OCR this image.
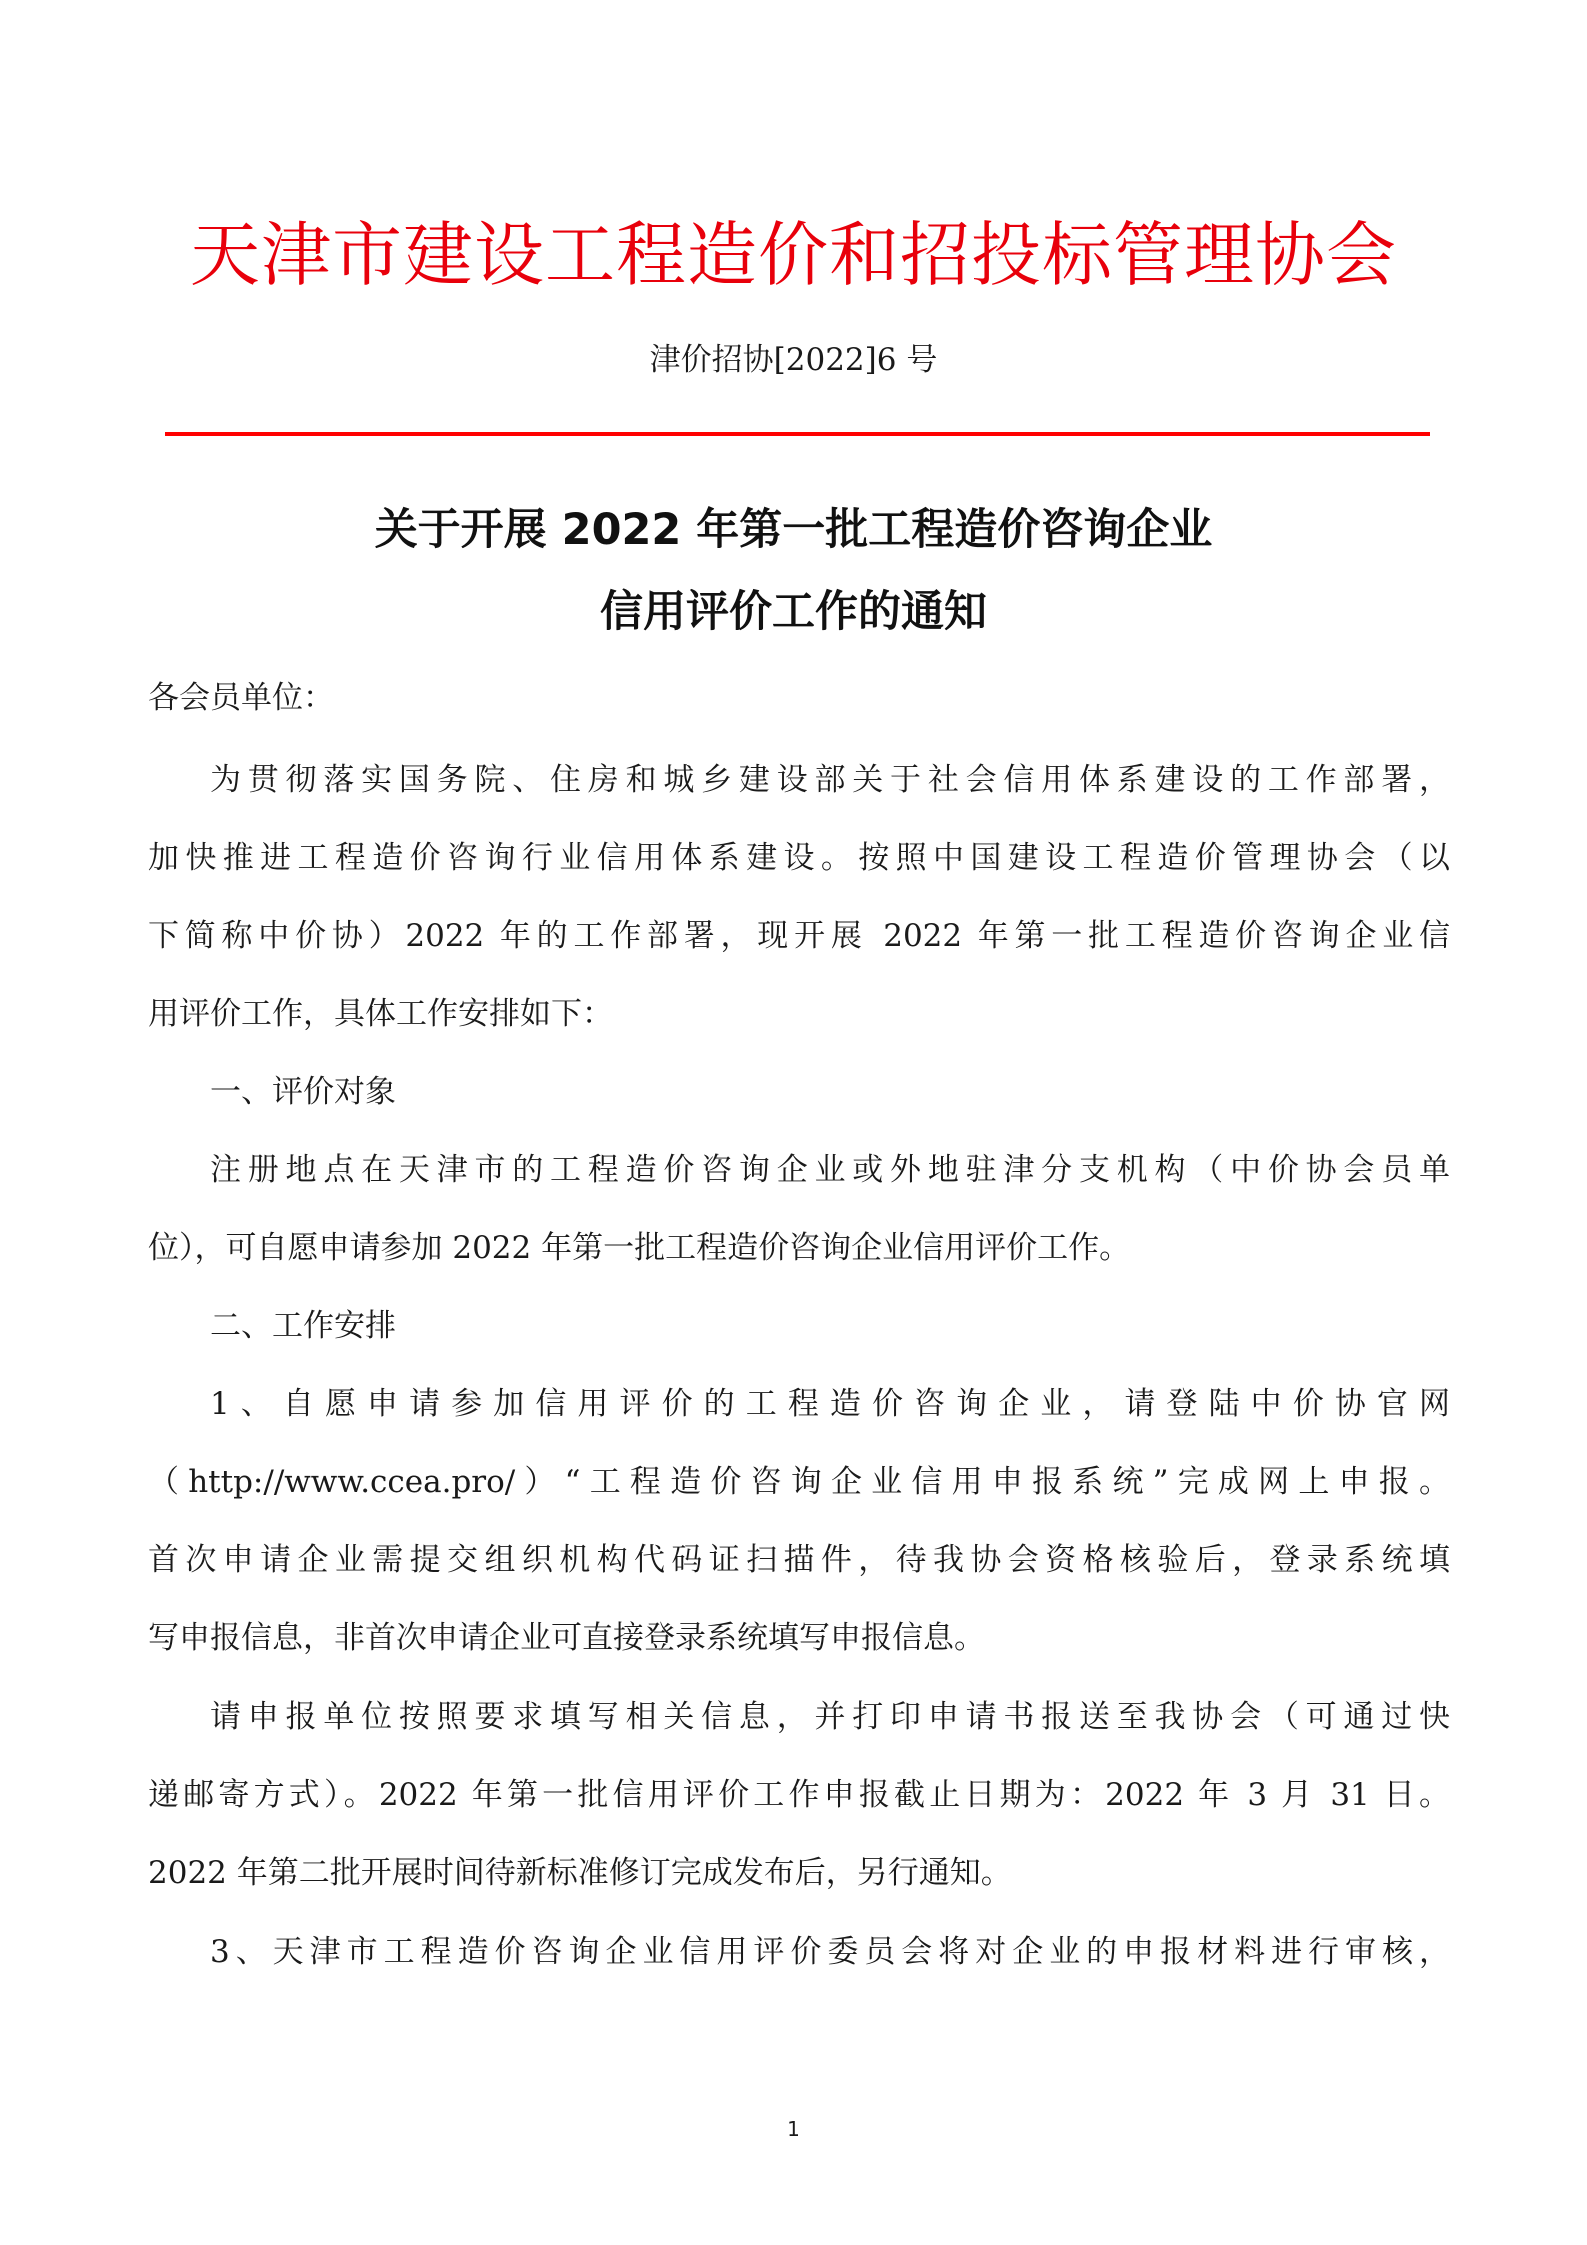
天津市建设工程造价和招投标管理协会
津价招协[2022]6 号
关于开展 2022 年第一批工程造价咨询企业
信用评价工作的通知
各会员单位：
为贯彻落实国务院、住房和城乡建设部关于社会信用体系建设的工作部署，
加快推进工程造价咨询行业信用体系建设。按照中国建设工程造价管理协会（以
下简称中价协）2022 年的工作部署，现开展 2022 年第一批工程造价咨询企业信
用评价工作，具体工作安排如下：
一、评价对象
注册地点在天津市的工程造价咨询企业或外地驻津分支机构（中价协会员单
位），可自愿申请参加 2022 年第一批工程造价咨询企业信用评价工作。
二、工作安排
1、自愿申请参加信用评价的工程造价咨询企业，请登陆中价协官网
（http://www.ccea.pro/）“工程造价咨询企业信用申报系统”完成网上申报。
首次申请企业需提交组织机构代码证扫描件，待我协会资格核验后，登录系统填
写申报信息，非首次申请企业可直接登录系统填写申报信息。
请申报单位按照要求填写相关信息，并打印申请书报送至我协会（可通过快
递邮寄方式）。2022 年第一批信用评价工作申报截止日期为：2022 年 3 月 31 日。
2022 年第二批开展时间待新标准修订完成发布后，另行通知。
3、天津市工程造价咨询企业信用评价委员会将对企业的申报材料进行审核，
1
